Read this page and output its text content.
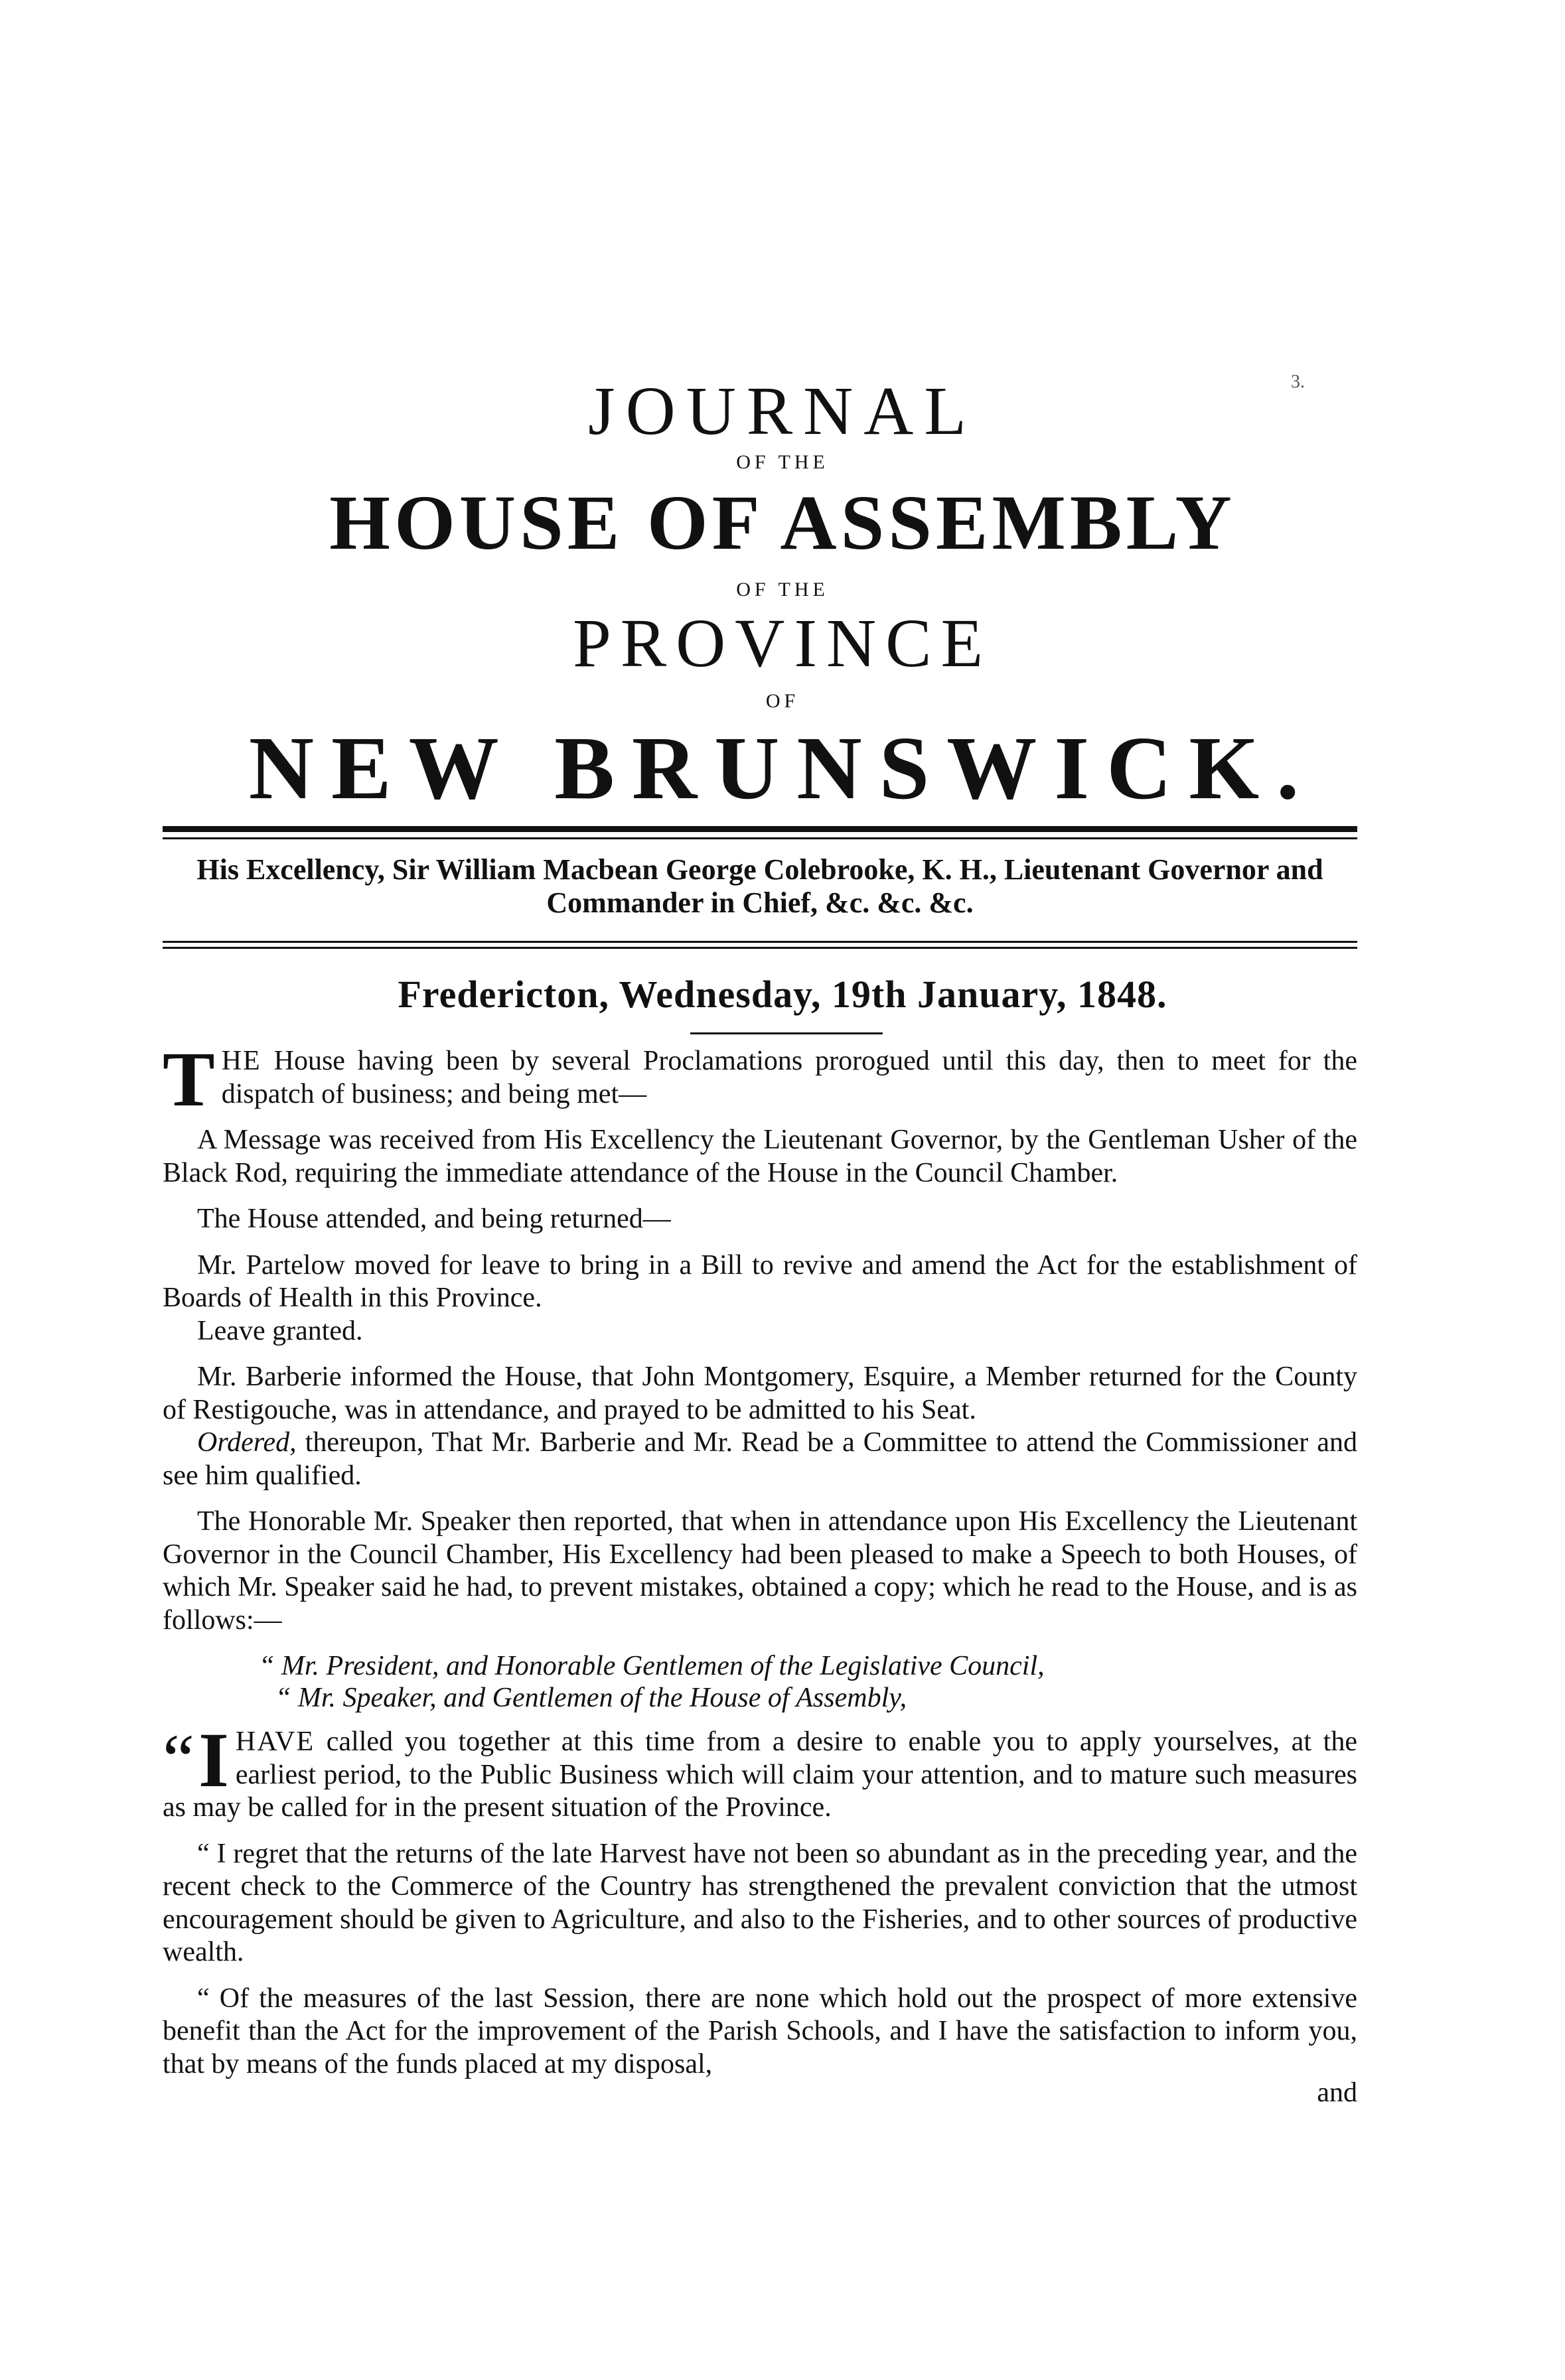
3.
JOURNAL
OF THE
HOUSE OF ASSEMBLY
OF THE
PROVINCE
OF
NEW BRUNSWICK.
His Excellency, Sir William Macbean George Colebrooke, K. H., Lieutenant Governor and Commander in Chief, &c. &c. &c.
Fredericton, Wednesday, 19th January, 1848.

THE House having been by several Proclamations prorogued until this day, then to meet for the dispatch of business; and being met—

A Message was received from His Excellency the Lieutenant Governor, by the Gentleman Usher of the Black Rod, requiring the immediate attendance of the House in the Council Chamber.

The House attended, and being returned—

Mr. Partelow moved for leave to bring in a Bill to revive and amend the Act for the establishment of Boards of Health in this Province.

Leave granted.

Mr. Barberie informed the House, that John Montgomery, Esquire, a Member returned for the County of Restigouche, was in attendance, and prayed to be admitted to his Seat.

Ordered, thereupon, That Mr. Barberie and Mr. Read be a Committee to attend the Commissioner and see him qualified.

The Honorable Mr. Speaker then reported, that when in attendance upon His Excellency the Lieutenant Governor in the Council Chamber, His Excellency had been pleased to make a Speech to both Houses, of which Mr. Speaker said he had, to prevent mistakes, obtained a copy; which he read to the House, and is as follows:—

“ Mr. President, and Honorable Gentlemen of the Legislative Council,
“ Mr. Speaker, and Gentlemen of the House of Assembly,

“ I HAVE called you together at this time from a desire to enable you to apply yourselves, at the earliest period, to the Public Business which will claim your attention, and to mature such measures as may be called for in the present situation of the Province.

“ I regret that the returns of the late Harvest have not been so abundant as in the preceding year, and the recent check to the Commerce of the Country has strengthened the prevalent conviction that the utmost encouragement should be given to Agriculture, and also to the Fisheries, and to other sources of productive wealth.

“ Of the measures of the last Session, there are none which hold out the prospect of more extensive benefit than the Act for the improvement of the Parish Schools, and I have the satisfaction to inform you, that by means of the funds placed at my disposal,

and
